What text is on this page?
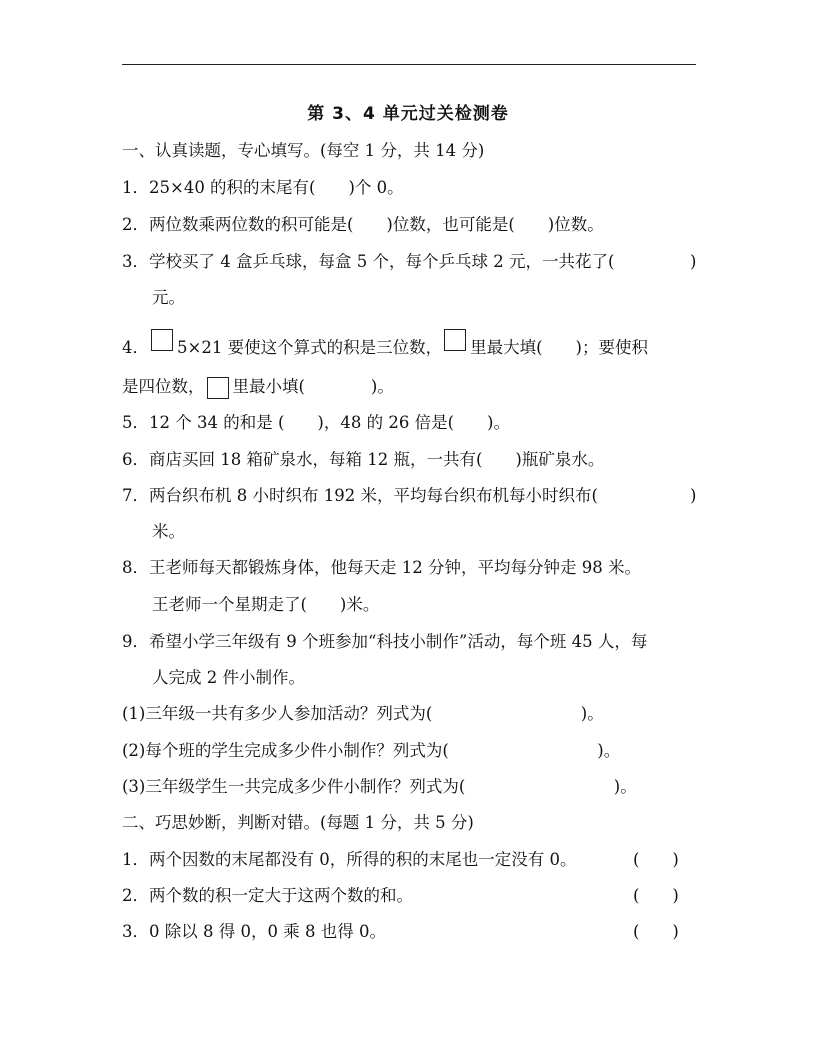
第 3、4 单元过关检测卷
一、认真读题，专心填写。(每空 1 分，共 14 分)
1．25×40 的积的末尾有(　　)个 0。
2．两位数乘两位数的积可能是(　　)位数，也可能是(　　)位数。
3．学校买了 4 盒乒乓球，每盒 5 个，每个乒乓球 2 元，一共花了(	)
元。
4． 5×21 要使这个算式的积是三位数， 里最大填(　　)；要使积
是四位数， 里最小填(　　　　)。
5．12 个 34 的和是 (　　)，48 的 26 倍是(　　)。
6．商店买回 18 箱矿泉水，每箱 12 瓶，一共有(　　)瓶矿泉水。
7．两台织布机 8 小时织布 192 米，平均每台织布机每小时织布(	)
米。
8．王老师每天都锻炼身体，他每天走 12 分钟，平均每分钟走 98 米。
王老师一个星期走了(　　)米。
9．希望小学三年级有 9 个班参加“科技小制作”活动，每个班 45 人，每
人完成 2 件小制作。
(1)三年级一共有多少人参加活动？列式为(　　　　　　　　　)。
(2)每个班的学生完成多少件小制作？列式为(　　　　　　　　　)。
(3)三年级学生一共完成多少件小制作？列式为(　　　　　　　　　)。
二、巧思妙断，判断对错。(每题 1 分，共 5 分)
1．两个因数的末尾都没有 0，所得的积的末尾也一定没有 0。	(　　)
2．两个数的积一定大于这两个数的和。	(　　)
3．0 除以 8 得 0，0 乘 8 也得 0。	(　　)
